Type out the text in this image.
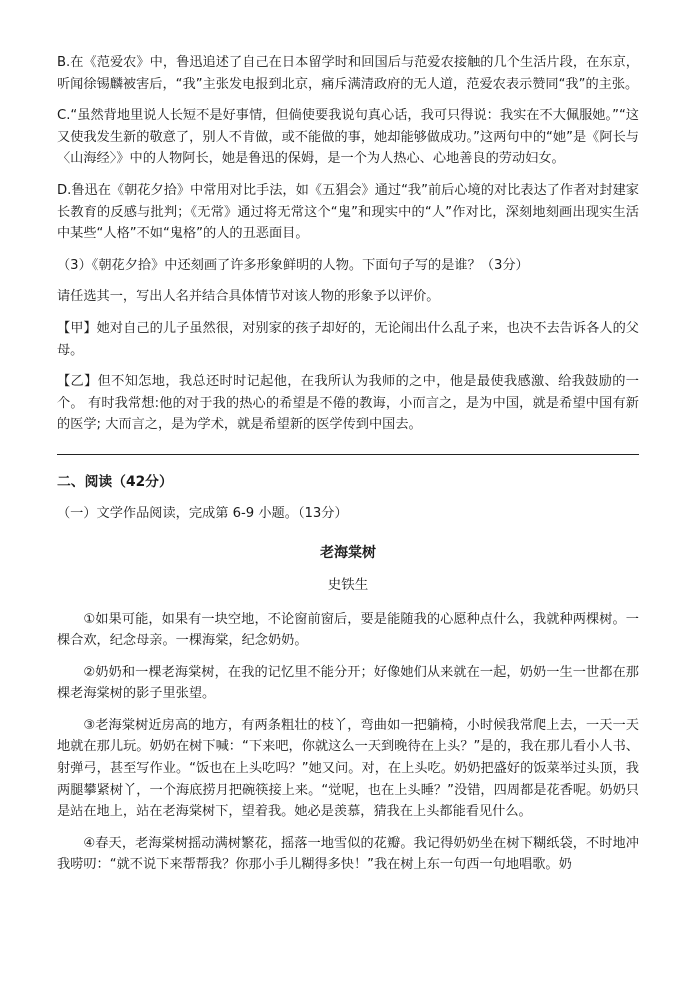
B.在《范爱农》中，鲁迅追述了自己在日本留学时和回国后与范爱农接触的几个生活片段，在东京，听闻徐锡麟被害后，“我”主张发电报到北京，痛斥满清政府的无人道，范爱农表示赞同“我”的主张。

C.“虽然背地里说人长短不是好事情，但倘使要我说句真心话，我可只得说：我实在不大佩服她。”“这又使我发生新的敬意了，别人不肯做，或不能做的事，她却能够做成功。”这两句中的“她”是《阿长与〈山海经〉》中的人物阿长，她是鲁迅的保姆，是一个为人热心、心地善良的劳动妇女。

D.鲁迅在《朝花夕拾》中常用对比手法，如《五猖会》通过“我”前后心境的对比表达了作者对封建家长教育的反感与批判；《无常》通过将无常这个“鬼”和现实中的“人”作对比，深刻地刻画出现实生活中某些“人格”不如“鬼格”的人的丑恶面目。

（3）《朝花夕拾》中还刻画了许多形象鲜明的人物。下面句子写的是谁？（3分）

请任选其一，写出人名并结合具体情节对该人物的形象予以评价。

【甲】她对自己的儿子虽然很，对别家的孩子却好的，无论闹出什么乱子来，也决不去告诉各人的父母。

【乙】但不知怎地，我总还时时记起他，在我所认为我师的之中，他是最使我感激、给我鼓励的一个。 有时我常想:他的对于我的热心的希望是不倦的教诲，小而言之，是为中国，就是希望中国有新的医学; 大而言之，是为学术，就是希望新的医学传到中国去。

二、阅读（42分）

（一）文学作品阅读，完成第 6-9 小题。（13分）

老海棠树
史铁生

①如果可能，如果有一块空地，不论窗前窗后，要是能随我的心愿种点什么，我就种两棵树。一棵合欢，纪念母亲。一棵海棠，纪念奶奶。

②奶奶和一棵老海棠树，在我的记忆里不能分开；好像她们从来就在一起，奶奶一生一世都在那棵老海棠树的影子里张望。

③老海棠树近房高的地方，有两条粗壮的枝丫，弯曲如一把躺椅，小时候我常爬上去，一天一天地就在那儿玩。奶奶在树下喊：“下来吧，你就这么一天到晚待在上头？”是的，我在那儿看小人书、射弹弓，甚至写作业。“饭也在上头吃吗？”她又问。对，在上头吃。奶奶把盛好的饭菜举过头顶，我两腿攀紧树丫，一个海底捞月把碗筷接上来。“觉呢，也在上头睡？”没错，四周都是花香呢。奶奶只是站在地上，站在老海棠树下，望着我。她必是羡慕，猜我在上头都能看见什么。

④春天，老海棠树摇动满树繁花，摇落一地雪似的花瓣。我记得奶奶坐在树下糊纸袋，不时地冲我唠叨：“就不说下来帮帮我？你那小手儿糊得多快！”我在树上东一句西一句地唱歌。奶
